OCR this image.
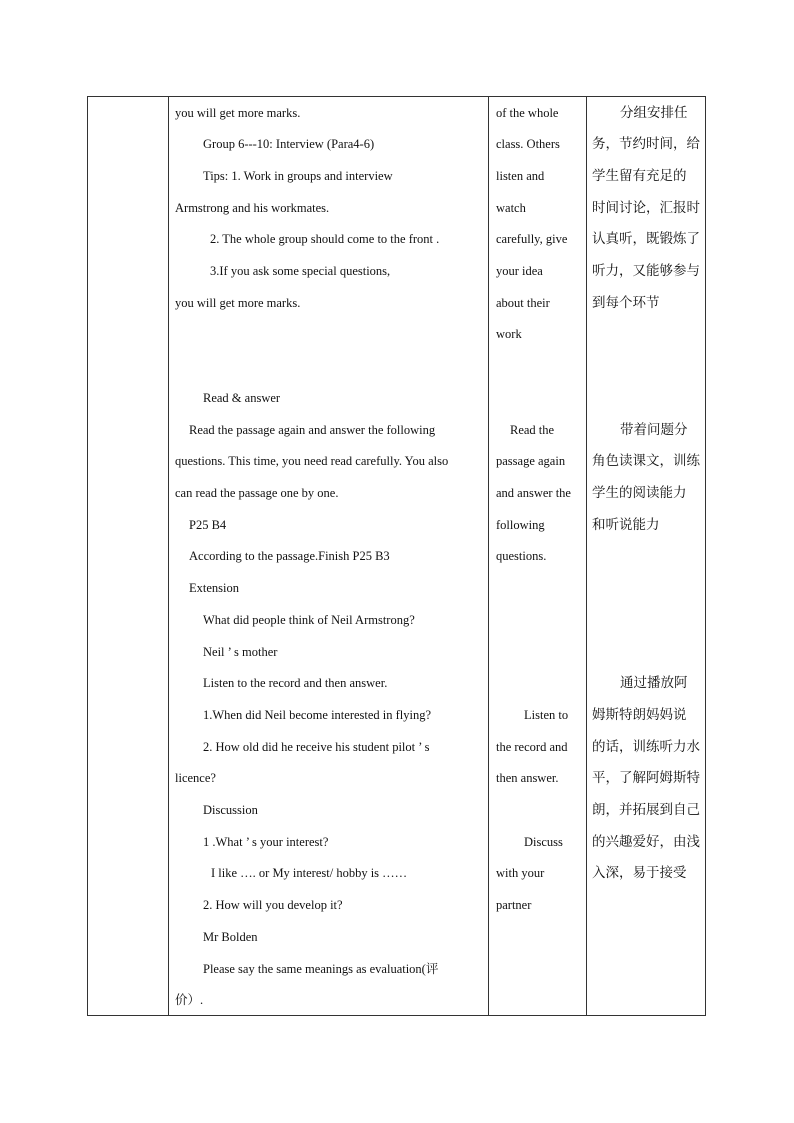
you will get more marks.
Group 6---10: Interview (Para4-6)
Tips: 1. Work in groups and interview
Armstrong and his workmates.
2. The whole group should come to the front .
3.If you ask some special questions,
you will get more marks.
Read & answer
Read the passage again and answer the following
questions. This time, you need read carefully. You also
can read the passage one by one.
P25 B4
According to the passage.Finish P25 B3
Extension
What did people think of Neil Armstrong?
Neil ’ s mother
Listen to the record and then answer.
1.When did Neil become interested in flying?
2. How old did he receive his student pilot ’ s
licence?
Discussion
1 .What ’ s your interest?
I like …. or My interest/ hobby is ……
2. How will you develop it?
Mr Bolden
Please say the same meanings as evaluation(评
价）.
of the whole
class. Others
listen and
watch
carefully, give
your idea
about their
work
Read the
passage again
and answer the
following
questions.
Listen to
the record and
then answer.
Discuss
with your
partner
分组安排任
务，节约时间，给
学生留有充足的
时间讨论，汇报时
认真听，既锻炼了
听力，又能够参与
到每个环节
带着问题分
角色读课文，训练
学生的阅读能力
和听说能力
通过播放阿
姆斯特朗妈妈说
的话，训练听力水
平，了解阿姆斯特
朗，并拓展到自己
的兴趣爱好，由浅
入深，易于接受
